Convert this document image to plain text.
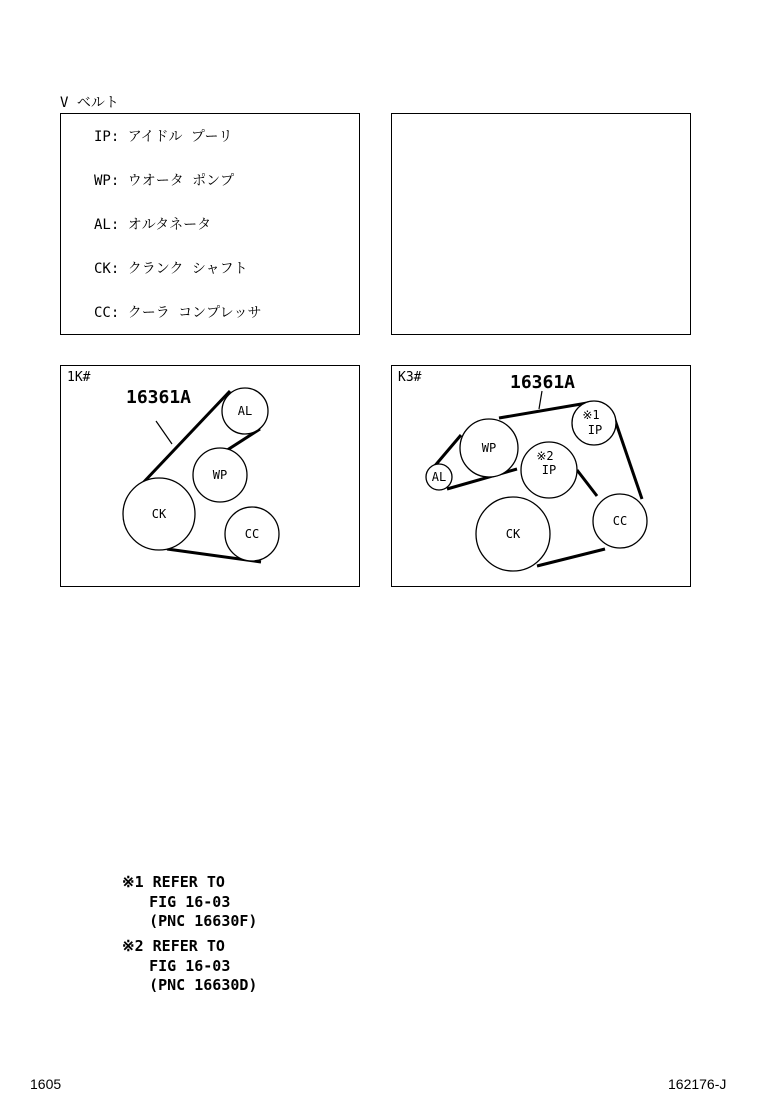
V ベルト
IP: アイドル プーリ
WP: ウオータ ポンプ
AL: オルタネータ
CK: クランク シャフト
CC: クーラ コンプレッサ
1K#
16361A
AL
WP
CK
CC
K3#	16361A
※1
IP
WP
※2
IP
AL
CK
CC
※1 REFER TO
FIG 16-03
(PNC 16630F)
※2 REFER TO
FIG 16-03
(PNC 16630D)
1605	162176-J
